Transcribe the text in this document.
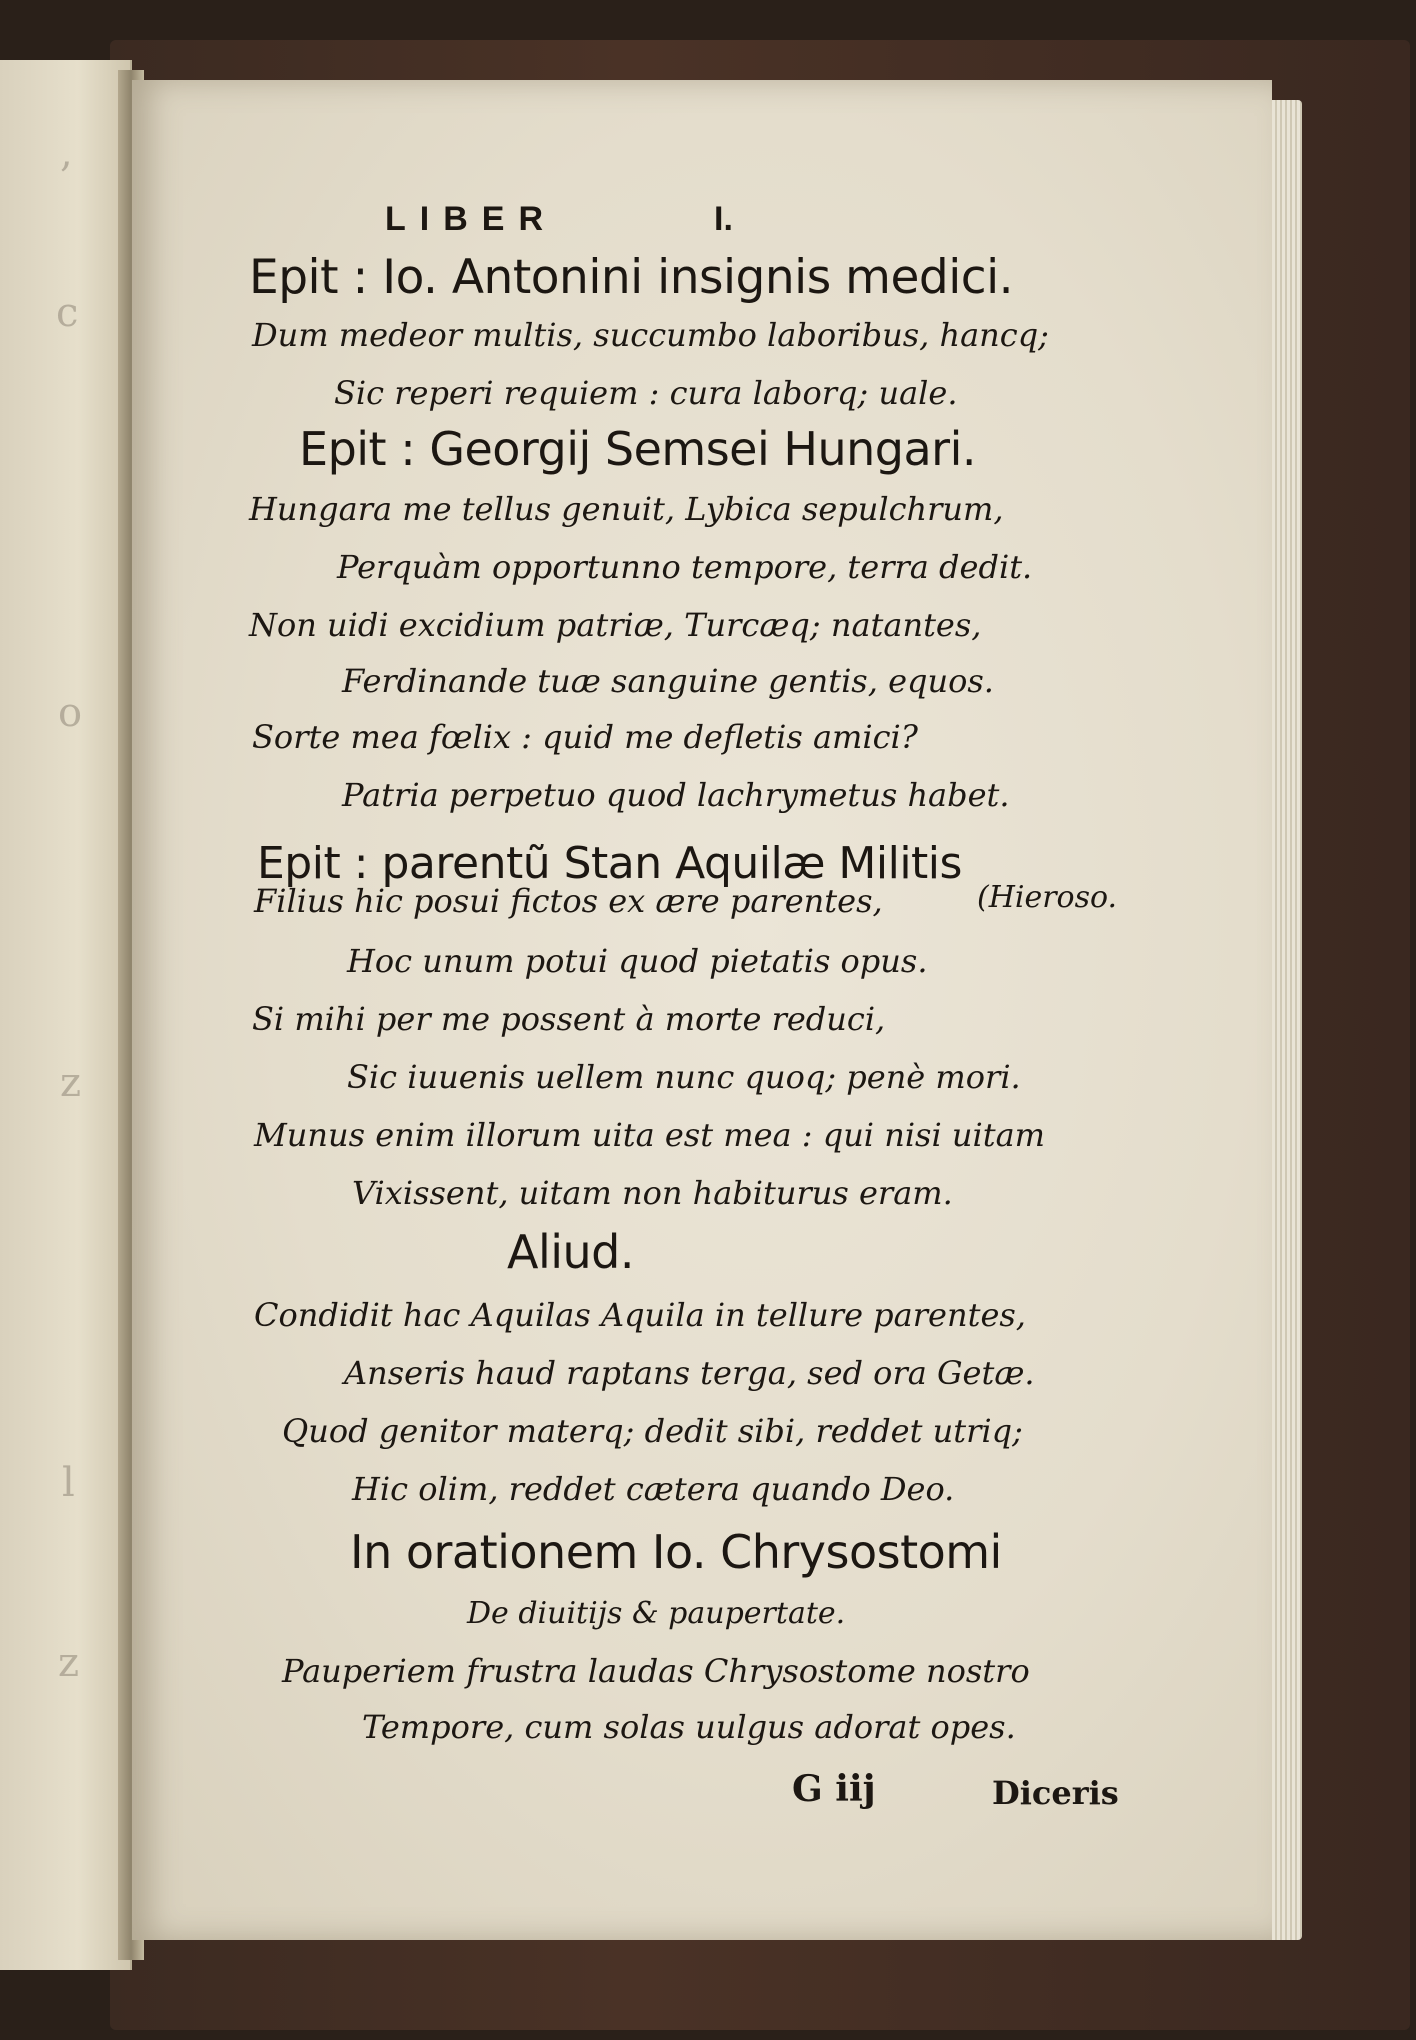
,
c
o
z
l
z
LIBER	I.
Epit : Io. Antonini insignis medici.
Dum medeor multis, succumbo laboribus, hancq;
Sic reperi requiem : cura laborq; uale.
Epit : Georgij Semsei Hungari.
Hungara me tellus genuit, Lybica sepulchrum,
Perquàm opportunno tempore, terra dedit.
Non uidi excidium patriæ, Turcæq; natantes,
Ferdinande tuæ sanguine gentis, equos.
Sorte mea fœlix : quid me defletis amici?
Patria perpetuo quod lachrymetus habet.
Epit : parentũ Stan Aquilæ Militis
(Hieroso.
Filius hic posui fictos ex ære parentes,
Hoc unum potui quod pietatis opus.
Si mihi per me possent à morte reduci,
Sic iuuenis uellem nunc quoq; penè mori.
Munus enim illorum uita est mea : qui nisi uitam
Vixissent, uitam non habiturus eram.
Aliud.
Condidit hac Aquilas Aquila in tellure parentes,
Anseris haud raptans terga, sed ora Getæ.
Quod genitor materq; dedit sibi, reddet utriq;
Hic olim, reddet cætera quando Deo.
In orationem Io. Chrysostomi
De diuitijs & paupertate.
Pauperiem frustra laudas Chrysostome nostro
Tempore, cum solas uulgus adorat opes.
G iij	Diceris
